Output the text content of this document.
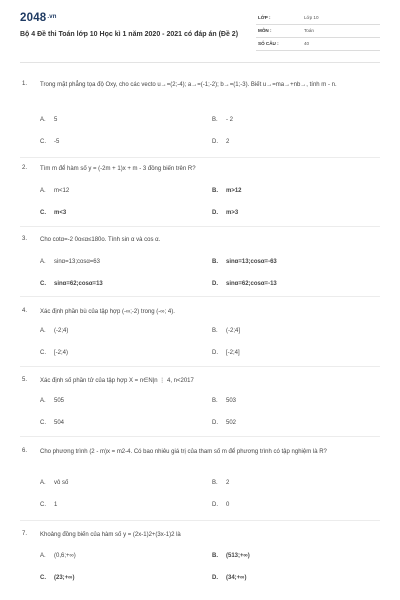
$2048^{.vn}$
Bộ 4 Đề thi Toán lớp 10 Học kì 1 năm 2020 - 2021 có đáp án (Đề 2)
LỚP :	Lớp 10
MÔN :	Toán
SỐ CÂU :	40
1. Trong mặt phẳng tọa độ Oxy, cho các vecto u→=(2;-4); a→=(-1;-2); b→=(1;-3). Biết u→=ma→+nb→, tính m - n.
A. 5	B. - 2
C. -5	D. 2
2. Tìm m để hàm số y = (-2m + 1)x + m - 3 đồng biến trên R?
A. m<12	B. m>12
C. m<3	D. m>3
3. Cho cotα=-2 0o≤α≤180o. Tính sin α và cos α.
A. sinα=13;cosα=63	B. sinα=13;cosα=-63
C. sinα=62;cosα=13	D. sinα=62;cosα=-13
4. Xác định phần bù của tập hợp (-∞;-2) trong (-∞; 4).
A. (-2;4)	B. (-2;4]
C. [-2;4)	D. [-2;4]
5. Xác định số phần tử của tập hợp X = n∈N|n ⋮ 4, n<2017
A. 505	B. 503
C. 504	D. 502
6. Cho phương trình (2 - m)x = m2-4. Có bao nhiêu giá trị của tham số m để phương trình có tập nghiệm là R?
A. vô số	B. 2
C. 1	D. 0
7. Khoảng đồng biến của hàm số y = (2x-1)2+(3x-1)2 là
A. (0,6;+∞)	B. (513;+∞)
C. (23;+∞)	D. (34;+∞)
